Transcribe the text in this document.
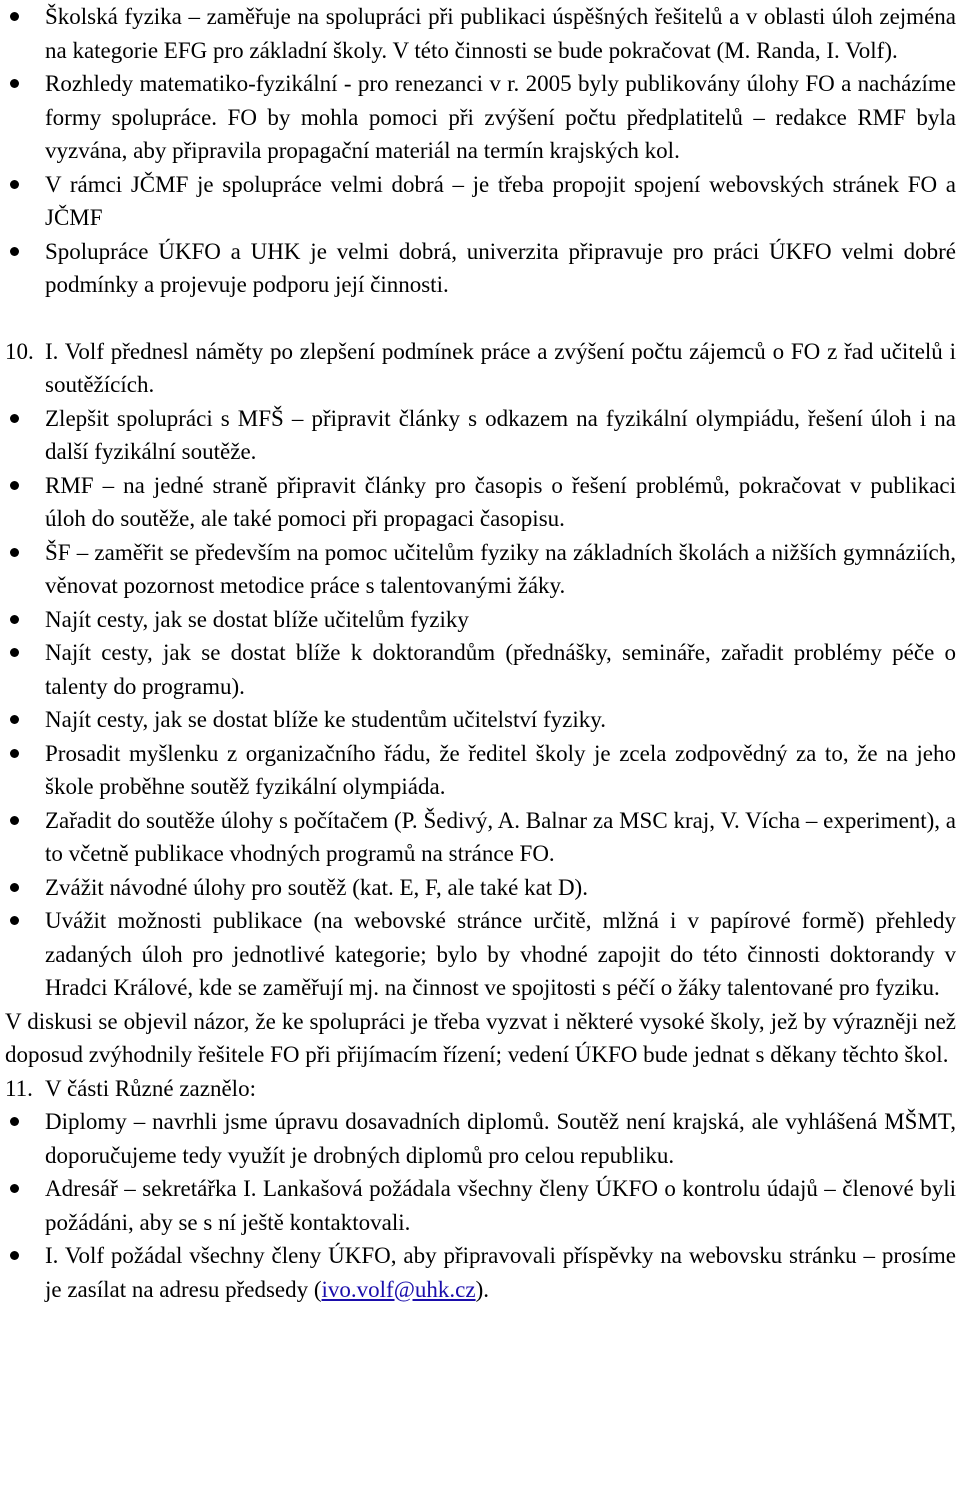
Školská fyzika – zaměřuje na spolupráci při publikaci úspěšných řešitelů a v oblasti úloh zejména na kategorie EFG pro základní školy. V této činnosti se bude pokračovat (M. Randa, I. Volf).
Rozhledy matematiko-fyzikální - pro renezanci v r. 2005 byly publikovány úlohy FO a nacházíme formy spolupráce. FO by mohla pomoci při zvýšení počtu předplatitelů – redakce RMF byla vyzvána, aby připravila propagační materiál na termín krajských kol.
V rámci JČMF je spolupráce velmi dobrá – je třeba propojit spojení webovských stránek FO a JČMF
Spolupráce ÚKFO a UHK je velmi dobrá, univerzita připravuje pro práci ÚKFO velmi dobré podmínky a projevuje podporu její činnosti.
10. I. Volf přednesl náměty po zlepšení podmínek práce a zvýšení počtu zájemců o FO z řad učitelů i soutěžících.
Zlepšit spolupráci s MFŠ – připravit články s odkazem na fyzikální olympiádu, řešení úloh i na další fyzikální soutěže.
RMF – na jedné straně připravit články pro časopis o řešení problémů, pokračovat v publikaci úloh do soutěže, ale také pomoci při propagaci časopisu.
ŠF – zaměřit se především na pomoc učitelům fyziky na základních školách a nižších gymnáziích, věnovat pozornost metodice práce s talentovanými žáky.
Najít cesty, jak se dostat blíže učitelům fyziky
Najít cesty, jak se dostat blíže k doktorandům (přednášky, semináře, zařadit problémy péče o talenty do programu).
Najít cesty, jak se dostat blíže ke studentům učitelství fyziky.
Prosadit myšlenku z organizačního řádu, že ředitel školy je zcela zodpovědný za to, že na jeho škole proběhne soutěž fyzikální olympiáda.
Zařadit do soutěže úlohy s počítačem (P. Šedivý, A. Balnar za MSC kraj, V. Vícha – experiment), a to včetně publikace vhodných programů na stránce FO.
Zvážit návodné úlohy pro soutěž (kat. E, F, ale také kat D).
Uvážit možnosti publikace (na webovské stránce určitě, mlžná i v papírové formě) přehledy zadaných úloh pro jednotlivé kategorie; bylo by vhodné zapojit do této činnosti doktorandy v Hradci Králové, kde se zaměřují mj. na činnost ve spojitosti s péčí o žáky talentované pro fyziku.
V diskusi se objevil názor, že ke spolupráci je třeba vyzvat i některé vysoké školy, jež by výrazněji než doposud zvýhodnily řešitele FO při přijímacím řízení; vedení ÚKFO bude jednat s děkany těchto škol.
11. V části Různé zaznělo:
Diplomy – navrhli jsme úpravu dosavadních diplomů. Soutěž není krajská, ale vyhlášená MŠMT, doporučujeme tedy využít je drobných diplomů pro celou republiku.
Adresář – sekretářka I. Lankašová požádala všechny členy ÚKFO o kontrolu údajů – členové byli požádáni, aby se s ní ještě kontaktovali.
I. Volf požádal všechny členy ÚKFO, aby připravovali příspěvky na webovsku stránku – prosíme je zasílat na adresu předsedy (ivo.volf@uhk.cz).
